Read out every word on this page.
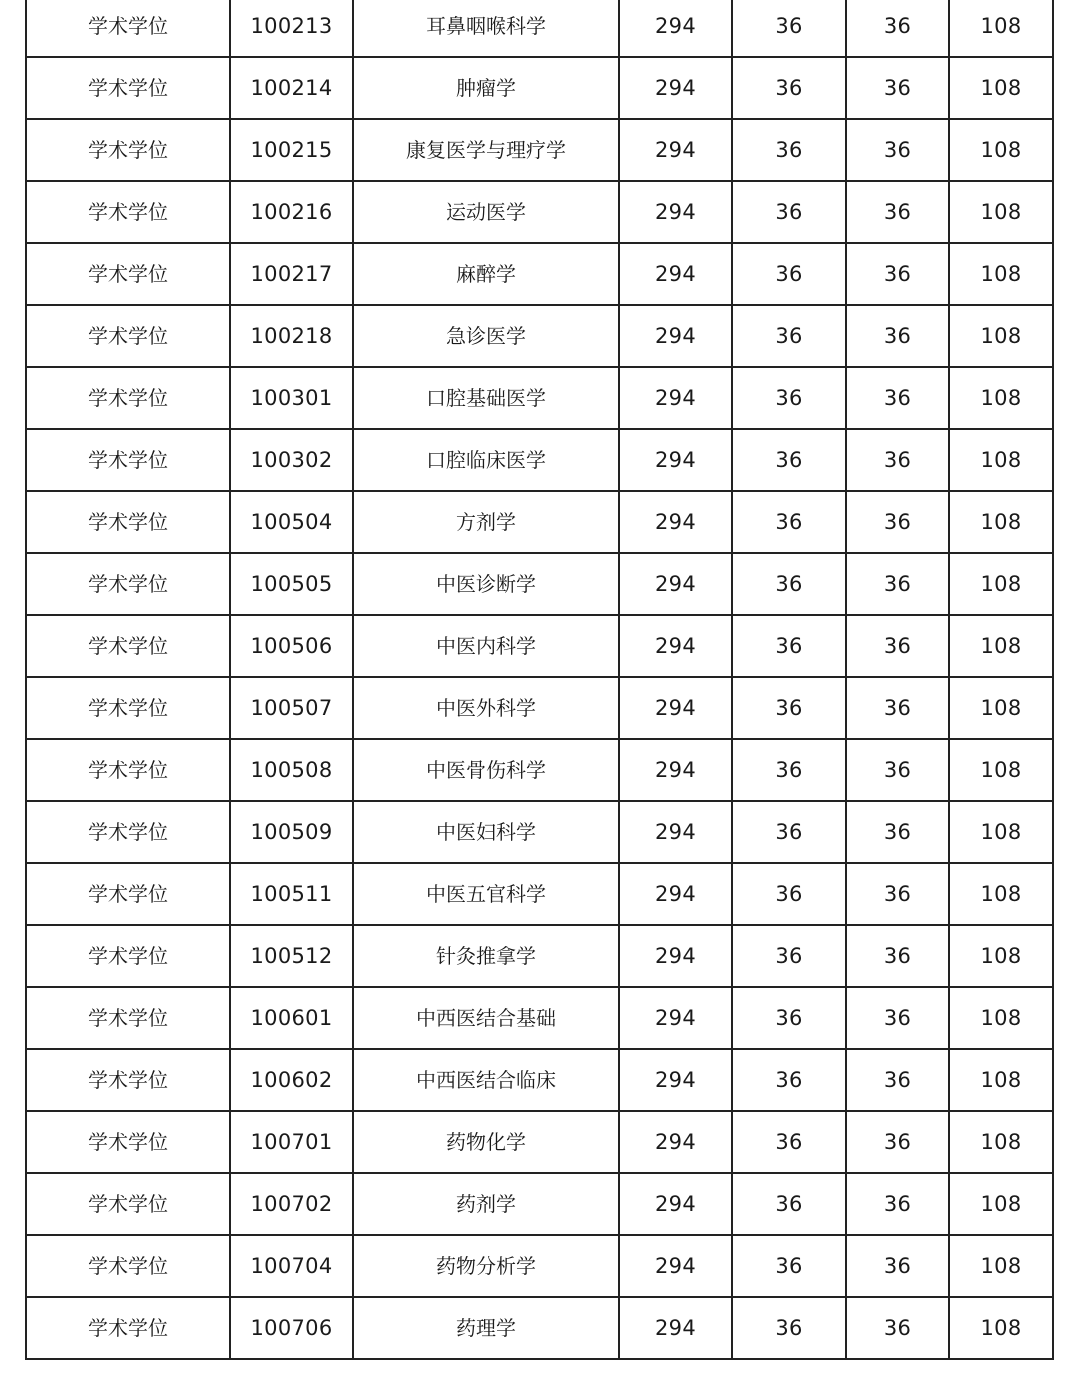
学术学位	100213	耳鼻咽喉科学	294	36	36	108
学术学位	100214	肿瘤学	294	36	36	108
学术学位	100215	康复医学与理疗学	294	36	36	108
学术学位	100216	运动医学	294	36	36	108
学术学位	100217	麻醉学	294	36	36	108
学术学位	100218	急诊医学	294	36	36	108
学术学位	100301	口腔基础医学	294	36	36	108
学术学位	100302	口腔临床医学	294	36	36	108
学术学位	100504	方剂学	294	36	36	108
学术学位	100505	中医诊断学	294	36	36	108
学术学位	100506	中医内科学	294	36	36	108
学术学位	100507	中医外科学	294	36	36	108
学术学位	100508	中医骨伤科学	294	36	36	108
学术学位	100509	中医妇科学	294	36	36	108
学术学位	100511	中医五官科学	294	36	36	108
学术学位	100512	针灸推拿学	294	36	36	108
学术学位	100601	中西医结合基础	294	36	36	108
学术学位	100602	中西医结合临床	294	36	36	108
学术学位	100701	药物化学	294	36	36	108
学术学位	100702	药剂学	294	36	36	108
学术学位	100704	药物分析学	294	36	36	108
学术学位	100706	药理学	294	36	36	108
